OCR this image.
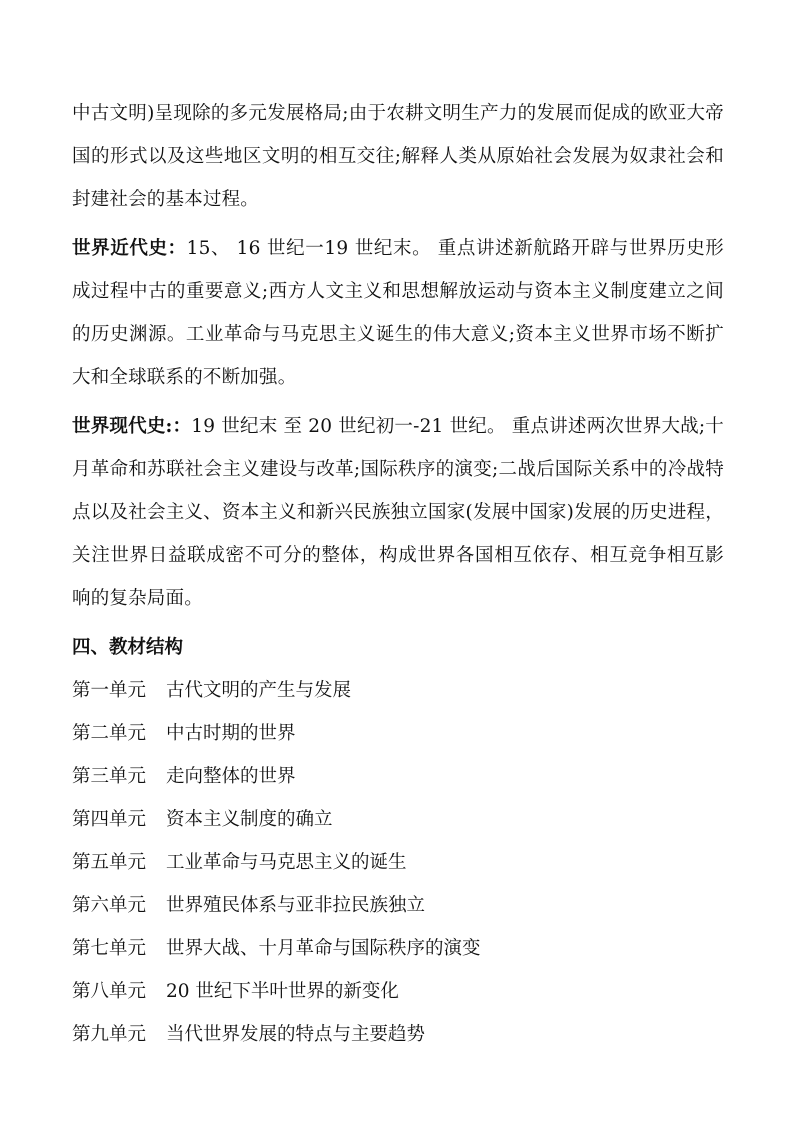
中古文明)呈现除的多元发展格局;由于农耕文明生产力的发展而促成的欧亚大帝国的形式以及这些地区文明的相互交往;解释人类从原始社会发展为奴隶社会和封建社会的基本过程。

世界近代史：15、 16 世纪一19 世纪末。 重点讲述新航路开辟与世界历史形成过程中古的重要意义;西方人文主义和思想解放运动与资本主义制度建立之间的历史渊源。工业革命与马克思主义诞生的伟大意义;资本主义世界市场不断扩大和全球联系的不断加强。

世界现代史:：19 世纪末 至 20 世纪初一-21 世纪。 重点讲述两次世界大战;十月革命和苏联社会主义建设与改革;国际秩序的演变;二战后国际关系中的冷战特点以及社会主义、资本主义和新兴民族独立国家(发展中国家)发展的历史进程，关注世界日益联成密不可分的整体，构成世界各国相互依存、相互竞争相互影响的复杂局面。

四、教材结构
第一单元 古代文明的产生与发展
第二单元 中古时期的世界
第三单元 走向整体的世界
第四单元 资本主义制度的确立
第五单元 工业革命与马克思主义的诞生
第六单元 世界殖民体系与亚非拉民族独立
第七单元 世界大战、十月革命与国际秩序的演变
第八单元 20 世纪下半叶世界的新变化
第九单元 当代世界发展的特点与主要趋势
